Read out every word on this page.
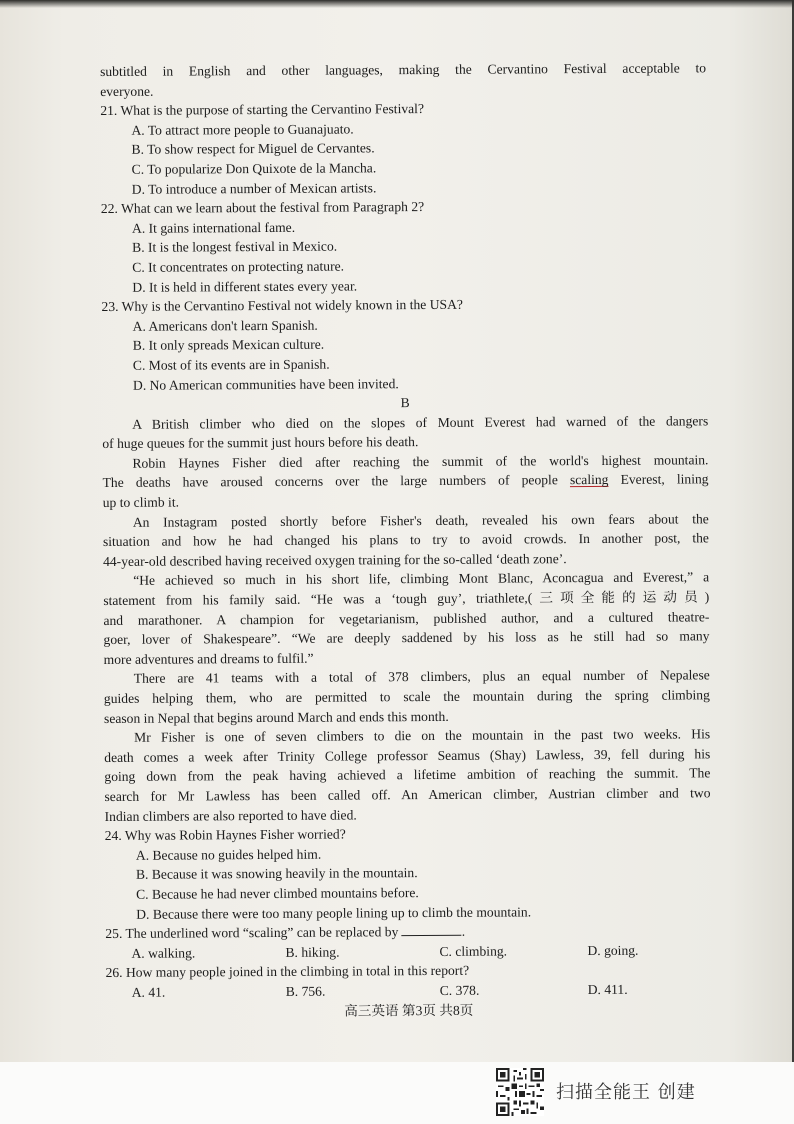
subtitled in English and other languages, making the Cervantino Festival acceptable to
everyone.
21. What is the purpose of starting the Cervantino Festival?
A. To attract more people to Guanajuato.
B. To show respect for Miguel de Cervantes.
C. To popularize Don Quixote de la Mancha.
D. To introduce a number of Mexican artists.
22. What can we learn about the festival from Paragraph 2?
A. It gains international fame.
B. It is the longest festival in Mexico.
C. It concentrates on protecting nature.
D. It is held in different states every year.
23. Why is the Cervantino Festival not widely known in the USA?
A. Americans don't learn Spanish.
B. It only spreads Mexican culture.
C. Most of its events are in Spanish.
D. No American communities have been invited.
B
A British climber who died on the slopes of Mount Everest had warned of the dangers
of huge queues for the summit just hours before his death.
Robin Haynes Fisher died after reaching the summit of the world's highest mountain.
The deaths have aroused concerns over the large numbers of people scaling Everest, lining
up to climb it.
An Instagram posted shortly before Fisher's death, revealed his own fears about the
situation and how he had changed his plans to try to avoid crowds. In another post, the
44-year-old described having received oxygen training for the so-called ‘death zone’.
“He achieved so much in his short life, climbing Mont Blanc, Aconcagua and Everest,” a
statement from his family said. “He was a ‘tough guy’, triathlete,(三项全能的运动员)
and marathoner. A champion for vegetarianism, published author, and a cultured theatre-
goer, lover of Shakespeare”. “We are deeply saddened by his loss as he still had so many
more adventures and dreams to fulfil.”
There are 41 teams with a total of 378 climbers, plus an equal number of Nepalese
guides helping them, who are permitted to scale the mountain during the spring climbing
season in Nepal that begins around March and ends this month.
Mr Fisher is one of seven climbers to die on the mountain in the past two weeks. His
death comes a week after Trinity College professor Seamus (Shay) Lawless, 39, fell during his
going down from the peak having achieved a lifetime ambition of reaching the summit. The
search for Mr Lawless has been called off. An American climber, Austrian climber and two
Indian climbers are also reported to have died.
24. Why was Robin Haynes Fisher worried?
A. Because no guides helped him.
B. Because it was snowing heavily in the mountain.
C. Because he had never climbed mountains before.
D. Because there were too many people lining up to climb the mountain.
25. The underlined word “scaling” can be replaced by	.
A. walking.	B. hiking.	C. climbing.	D. going.
26. How many people joined in the climbing in total in this report?
A. 41.	B. 756.	C. 378.	D. 411.
高三英语 第3页 共8页
扫描全能王 创建
